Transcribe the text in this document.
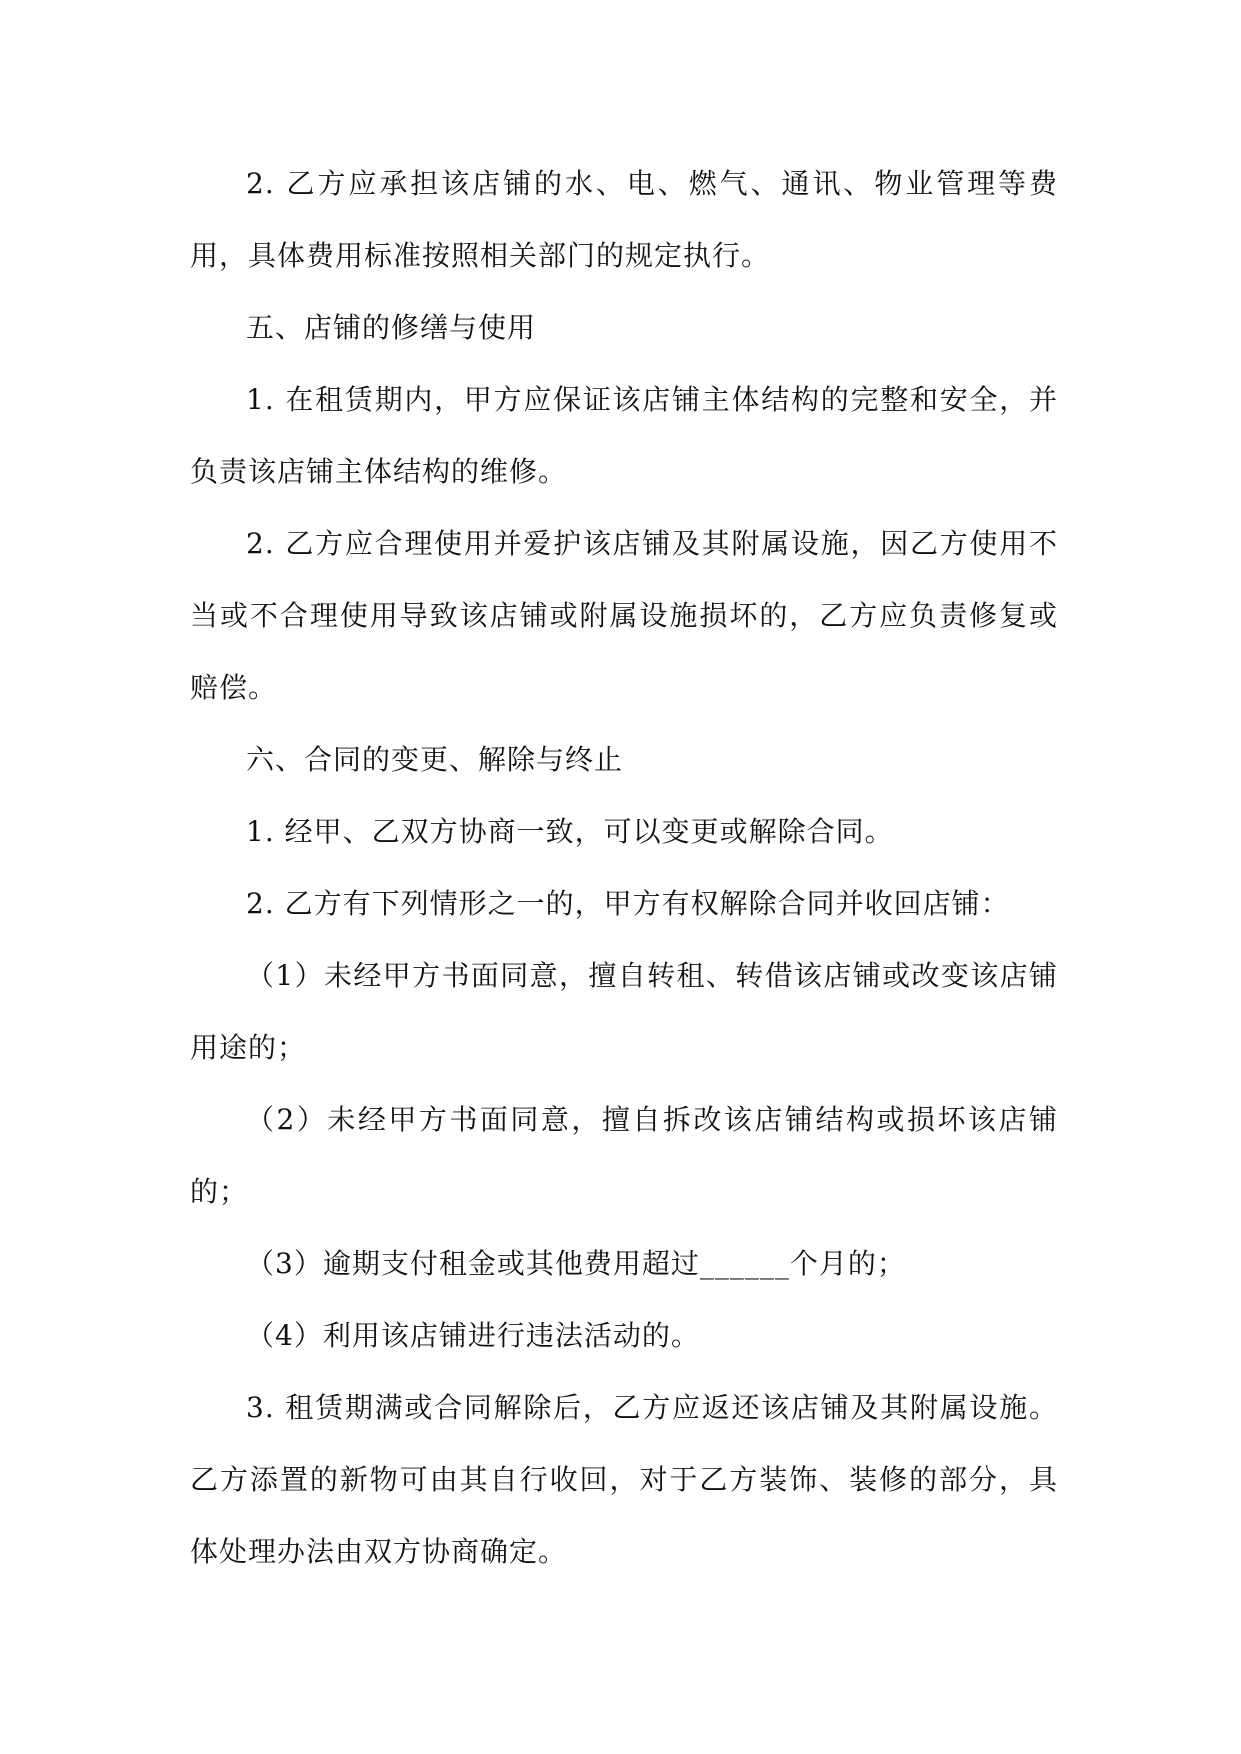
2. 乙方应承担该店铺的水、电、燃气、通讯、物业管理等费用，具体费用标准按照相关部门的规定执行。

五、店铺的修缮与使用

1. 在租赁期内，甲方应保证该店铺主体结构的完整和安全，并负责该店铺主体结构的维修。

2. 乙方应合理使用并爱护该店铺及其附属设施，因乙方使用不当或不合理使用导致该店铺或附属设施损坏的，乙方应负责修复或赔偿。

六、合同的变更、解除与终止

1. 经甲、乙双方协商一致，可以变更或解除合同。

2. 乙方有下列情形之一的，甲方有权解除合同并收回店铺：

（1）未经甲方书面同意，擅自转租、转借该店铺或改变该店铺用途的；

（2）未经甲方书面同意，擅自拆改该店铺结构或损坏该店铺的；

（3）逾期支付租金或其他费用超过______个月的；

（4）利用该店铺进行违法活动的。

3. 租赁期满或合同解除后，乙方应返还该店铺及其附属设施。乙方添置的新物可由其自行收回，对于乙方装饰、装修的部分，具体处理办法由双方协商确定。
